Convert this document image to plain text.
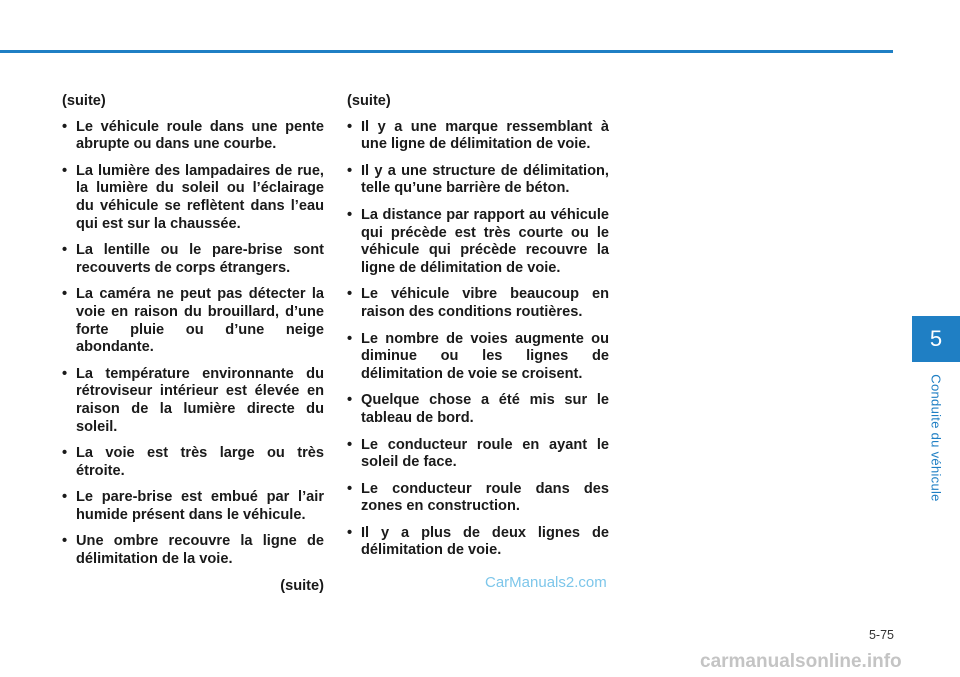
(suite)
• Le véhicule roule dans une pente abrupte ou dans une courbe.
• La lumière des lampadaires de rue, la lumière du soleil ou l’éclairage du véhicule se reflètent dans l’eau qui est sur la chaussée.
• La lentille ou le pare-brise sont recouverts de corps étrangers.
• La caméra ne peut pas détecter la voie en raison du brouillard, d’une forte pluie ou d’une neige abondante.
• La température environnante du rétroviseur intérieur est élevée en raison de la lumière directe du soleil.
• La voie est très large ou très étroite.
• Le pare-brise est embué par l’air humide présent dans le véhicule.
• Une ombre recouvre la ligne de délimitation de la voie.
(suite)
(suite)
• Il y a une marque ressemblant à une ligne de délimitation de voie.
• Il y a une structure de délimitation, telle qu’une barrière de béton.
• La distance par rapport au véhicule qui précède est très courte ou le véhicule qui précède recouvre la ligne de délimitation de voie.
• Le véhicule vibre beaucoup en raison des conditions routières.
• Le nombre de voies augmente ou diminue ou les lignes de délimitation de voie se croisent.
• Quelque chose a été mis sur le tableau de bord.
• Le conducteur roule en ayant le soleil de face.
• Le conducteur roule dans des zones en construction.
• Il y a plus de deux lignes de délimitation de voie.
5
Conduite du véhicule
5-75
CarManuals2.com
carmanualsonline.info
